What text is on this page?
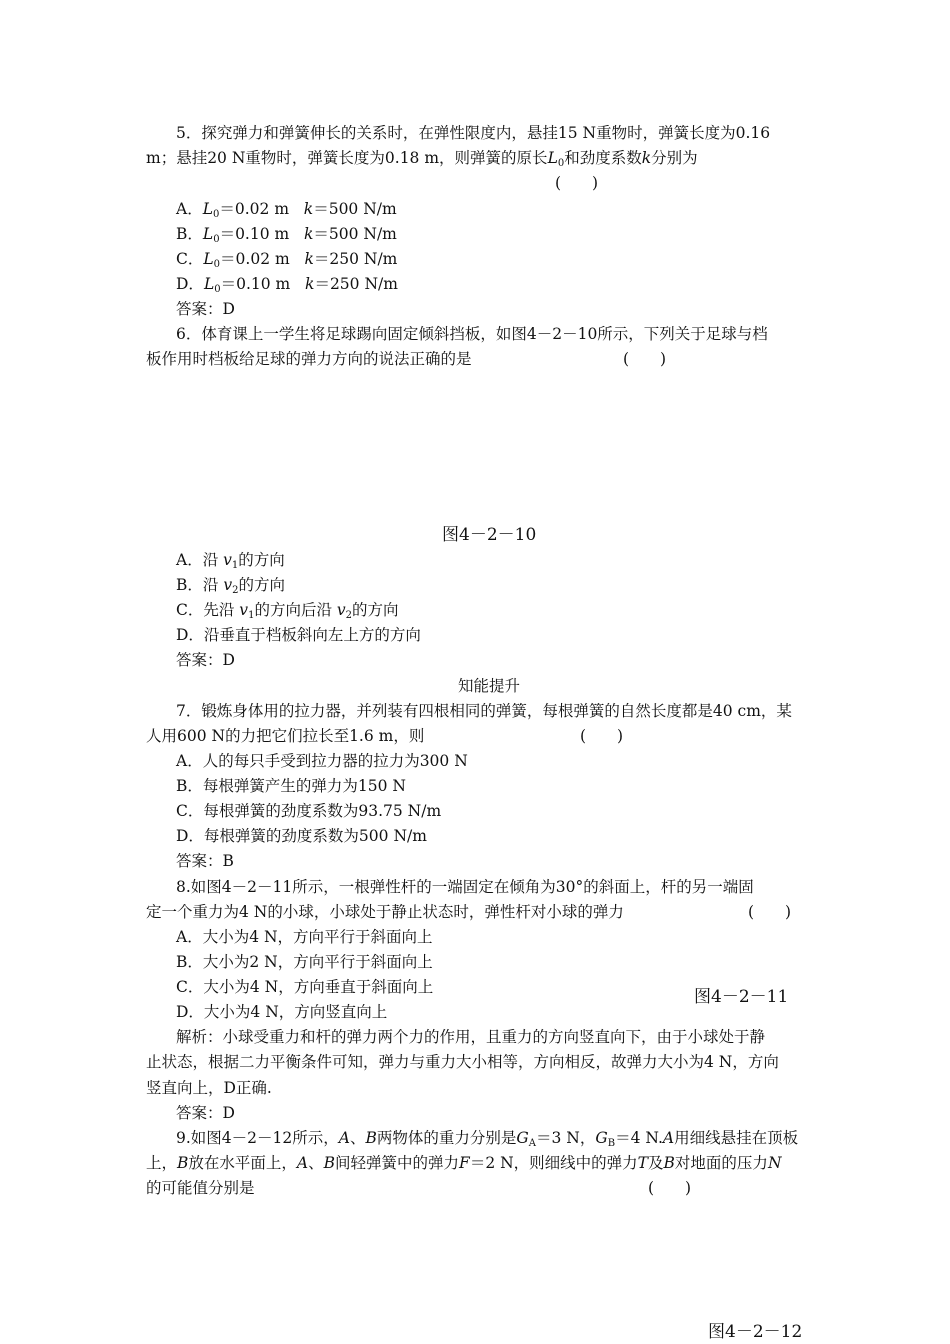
5．探究弹力和弹簧伸长的关系时，在弹性限度内，悬挂15 N重物时，弹簧长度为0.16

m；悬挂20 N重物时，弹簧长度为0.18 m，则弹簧的原长$L_0$和劲度系数k分别为

(　　)

A．$L_0=0.02$ m k＝500 N/m

B．$L_0=0.10$ m k＝500 N/m

C．$L_0=0.02$ m k＝250 N/m

D．$L_0=0.10$ m k＝250 N/m

答案：D

6．体育课上一学生将足球踢向固定倾斜挡板，如图4－2－10所示，下列关于足球与档

板作用时档板给足球的弹力方向的说法正确的是	(　　)

图4－2－10

A．沿 $v_1$的方向

B．沿 $v_2$的方向

C．先沿 $v_1$的方向后沿 $v_2$的方向

D．沿垂直于档板斜向左上方的方向

答案：D

知能提升

7．锻炼身体用的拉力器，并列装有四根相同的弹簧，每根弹簧的自然长度都是40 cm，某

人用600 N的力把它们拉长至1.6 m，则	(　　)

A．人的每只手受到拉力器的拉力为300 N

B．每根弹簧产生的弹力为150 N

C．每根弹簧的劲度系数为93.75 N/m

D．每根弹簧的劲度系数为500 N/m

答案：B

8.如图4－2－11所示，一根弹性杆的一端固定在倾角为30°的斜面上，杆的另一端固

定一个重力为4 N的小球，小球处于静止状态时，弹性杆对小球的弹力	(　　)

A．大小为4 N，方向平行于斜面向上

B．大小为2 N，方向平行于斜面向上

C．大小为4 N，方向垂直于斜面向上	图4－2－11

D．大小为4 N，方向竖直向上

解析：小球受重力和杆的弹力两个力的作用，且重力的方向竖直向下，由于小球处于静

止状态，根据二力平衡条件可知，弹力与重力大小相等，方向相反，故弹力大小为4 N，方向

竖直向上，D正确.

答案：D

9.如图4－2－12所示，A、B两物体的重力分别是$G_A=3$ N，$G_B=4$ N.A用细线悬挂在顶板

上，B放在水平面上，A、B间轻弹簧中的弹力F＝2 N，则细线中的弹力T及B对地面的压力N

的可能值分别是	(　　)

图4－2－12
